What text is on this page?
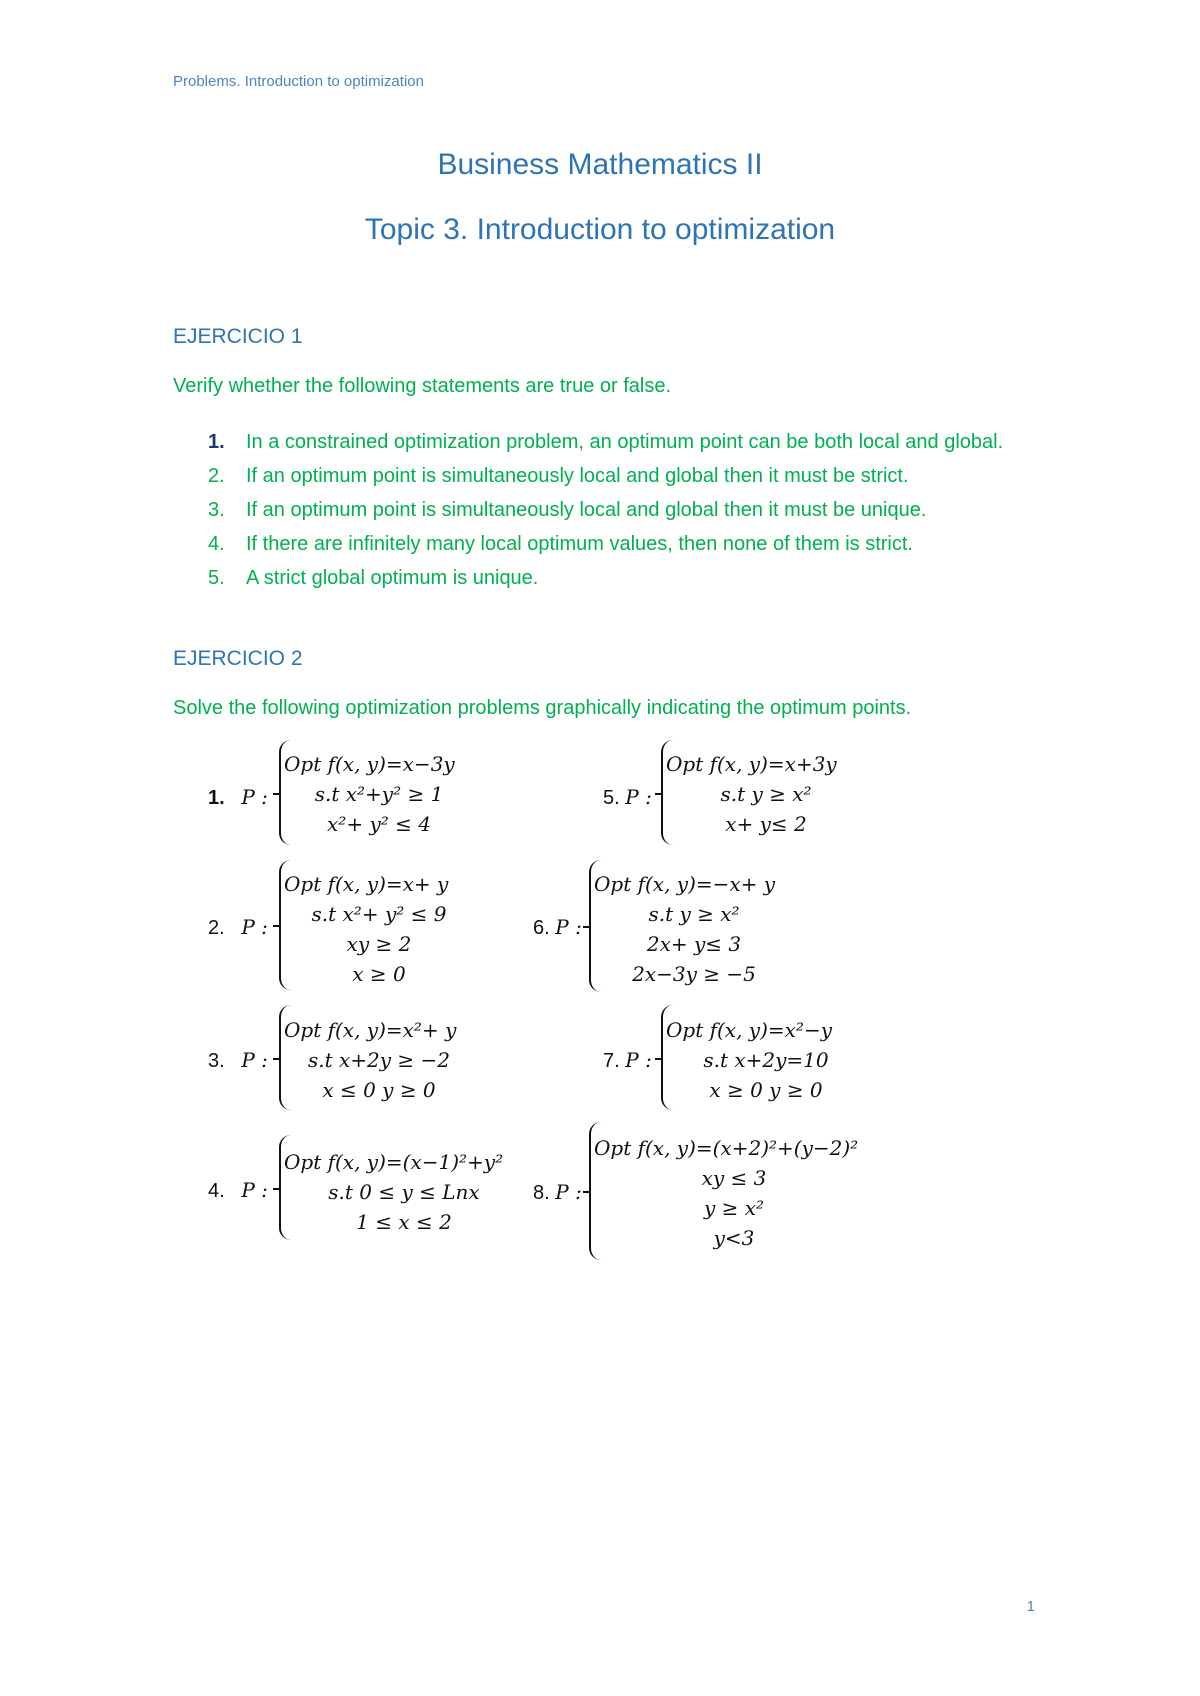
Problems. Introduction to optimization
Business Mathematics II
Topic 3. Introduction to optimization
EJERCICIO 1
Verify whether the following statements are true or false.
1. In a constrained optimization problem, an optimum point can be both local and global.
2. If an optimum point is simultaneously local and global then it must be strict.
3. If an optimum point is simultaneously local and global then it must be unique.
4. If there are infinitely many local optimum values, then none of them is strict.
5. A strict global optimum is unique.
EJERCICIO 2
Solve the following optimization problems graphically indicating the optimum points.
1. P :
Opt f(x, y)=x−3y
s.t x²+y² ≥ 1
x²+ y² ≤ 4
2. P :
Opt f(x, y)=x+ y
s.t x²+ y² ≤ 9
xy ≥ 2
x ≥ 0
3. P :
Opt f(x, y)=x²+ y
s.t x+2y ≥ −2
x ≤ 0 y ≥ 0
4. P :
Opt f(x, y)=(x−1)²+y²
s.t 0 ≤ y ≤ Lnx
1 ≤ x ≤ 2
5. P :
Opt f(x, y)=x+3y
s.t y ≥ x²
x+ y≤ 2
6. P :
Opt f(x, y)=−x+ y
s.t y ≥ x²
2x+ y≤ 3
2x−3y ≥ −5
7. P :
Opt f(x, y)=x²−y
s.t x+2y=10
x ≥ 0 y ≥ 0
8. P :
Opt f(x, y)=(x+2)²+(y−2)²
xy ≤ 3
y ≥ x²
y<3
1
